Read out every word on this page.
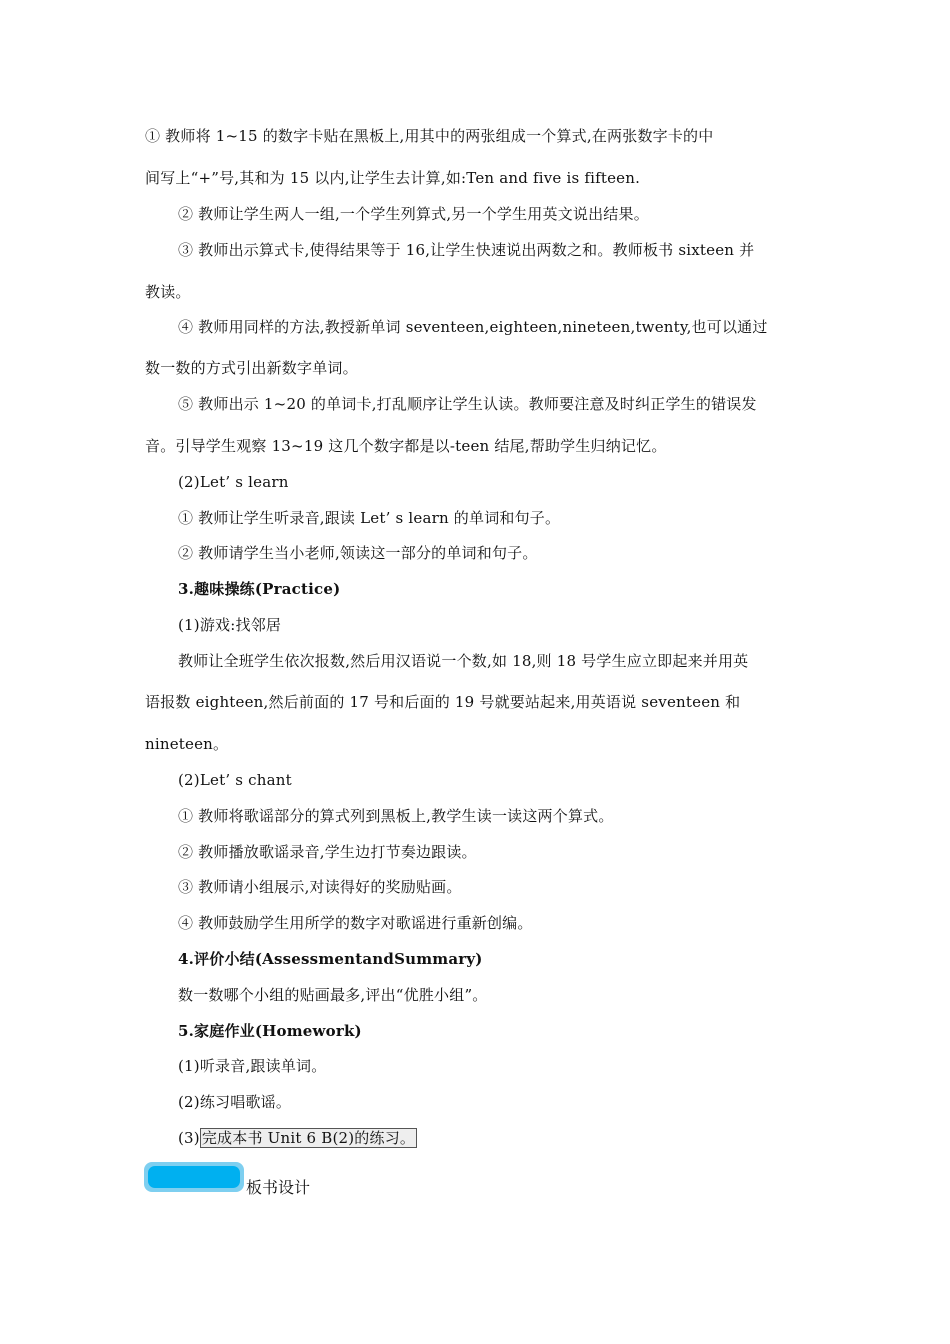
① 教师将 1~15 的数字卡贴在黑板上,用其中的两张组成一个算式,在两张数字卡的中
间写上“+”号,其和为 15 以内,让学生去计算,如:Ten and five is fifteen.
② 教师让学生两人一组,一个学生列算式,另一个学生用英文说出结果。
③ 教师出示算式卡,使得结果等于 16,让学生快速说出两数之和。教师板书 sixteen 并
教读。
④ 教师用同样的方法,教授新单词 seventeen,eighteen,nineteen,twenty,也可以通过
数一数的方式引出新数字单词。
⑤ 教师出示 1~20 的单词卡,打乱顺序让学生认读。教师要注意及时纠正学生的错误发
音。引导学生观察 13~19 这几个数字都是以-teen 结尾,帮助学生归纳记忆。
(2)Let’ s learn
① 教师让学生听录音,跟读 Let’ s learn 的单词和句子。
② 教师请学生当小老师,领读这一部分的单词和句子。
3.趣味操练(Practice)
(1)游戏:找邻居
教师让全班学生依次报数,然后用汉语说一个数,如 18,则 18 号学生应立即起来并用英
语报数 eighteen,然后前面的 17 号和后面的 19 号就要站起来,用英语说 seventeen 和
nineteen。
(2)Let’ s chant
① 教师将歌谣部分的算式列到黑板上,教学生读一读这两个算式。
② 教师播放歌谣录音,学生边打节奏边跟读。
③ 教师请小组展示,对读得好的奖励贴画。
④ 教师鼓励学生用所学的数字对歌谣进行重新创编。
4.评价小结(AssessmentandSummary)
数一数哪个小组的贴画最多,评出“优胜小组”。
5.家庭作业(Homework)
(1)听录音,跟读单词。
(2)练习唱歌谣。
(3) 完成本书 Unit 6 B(2)的练习。
板书设计
